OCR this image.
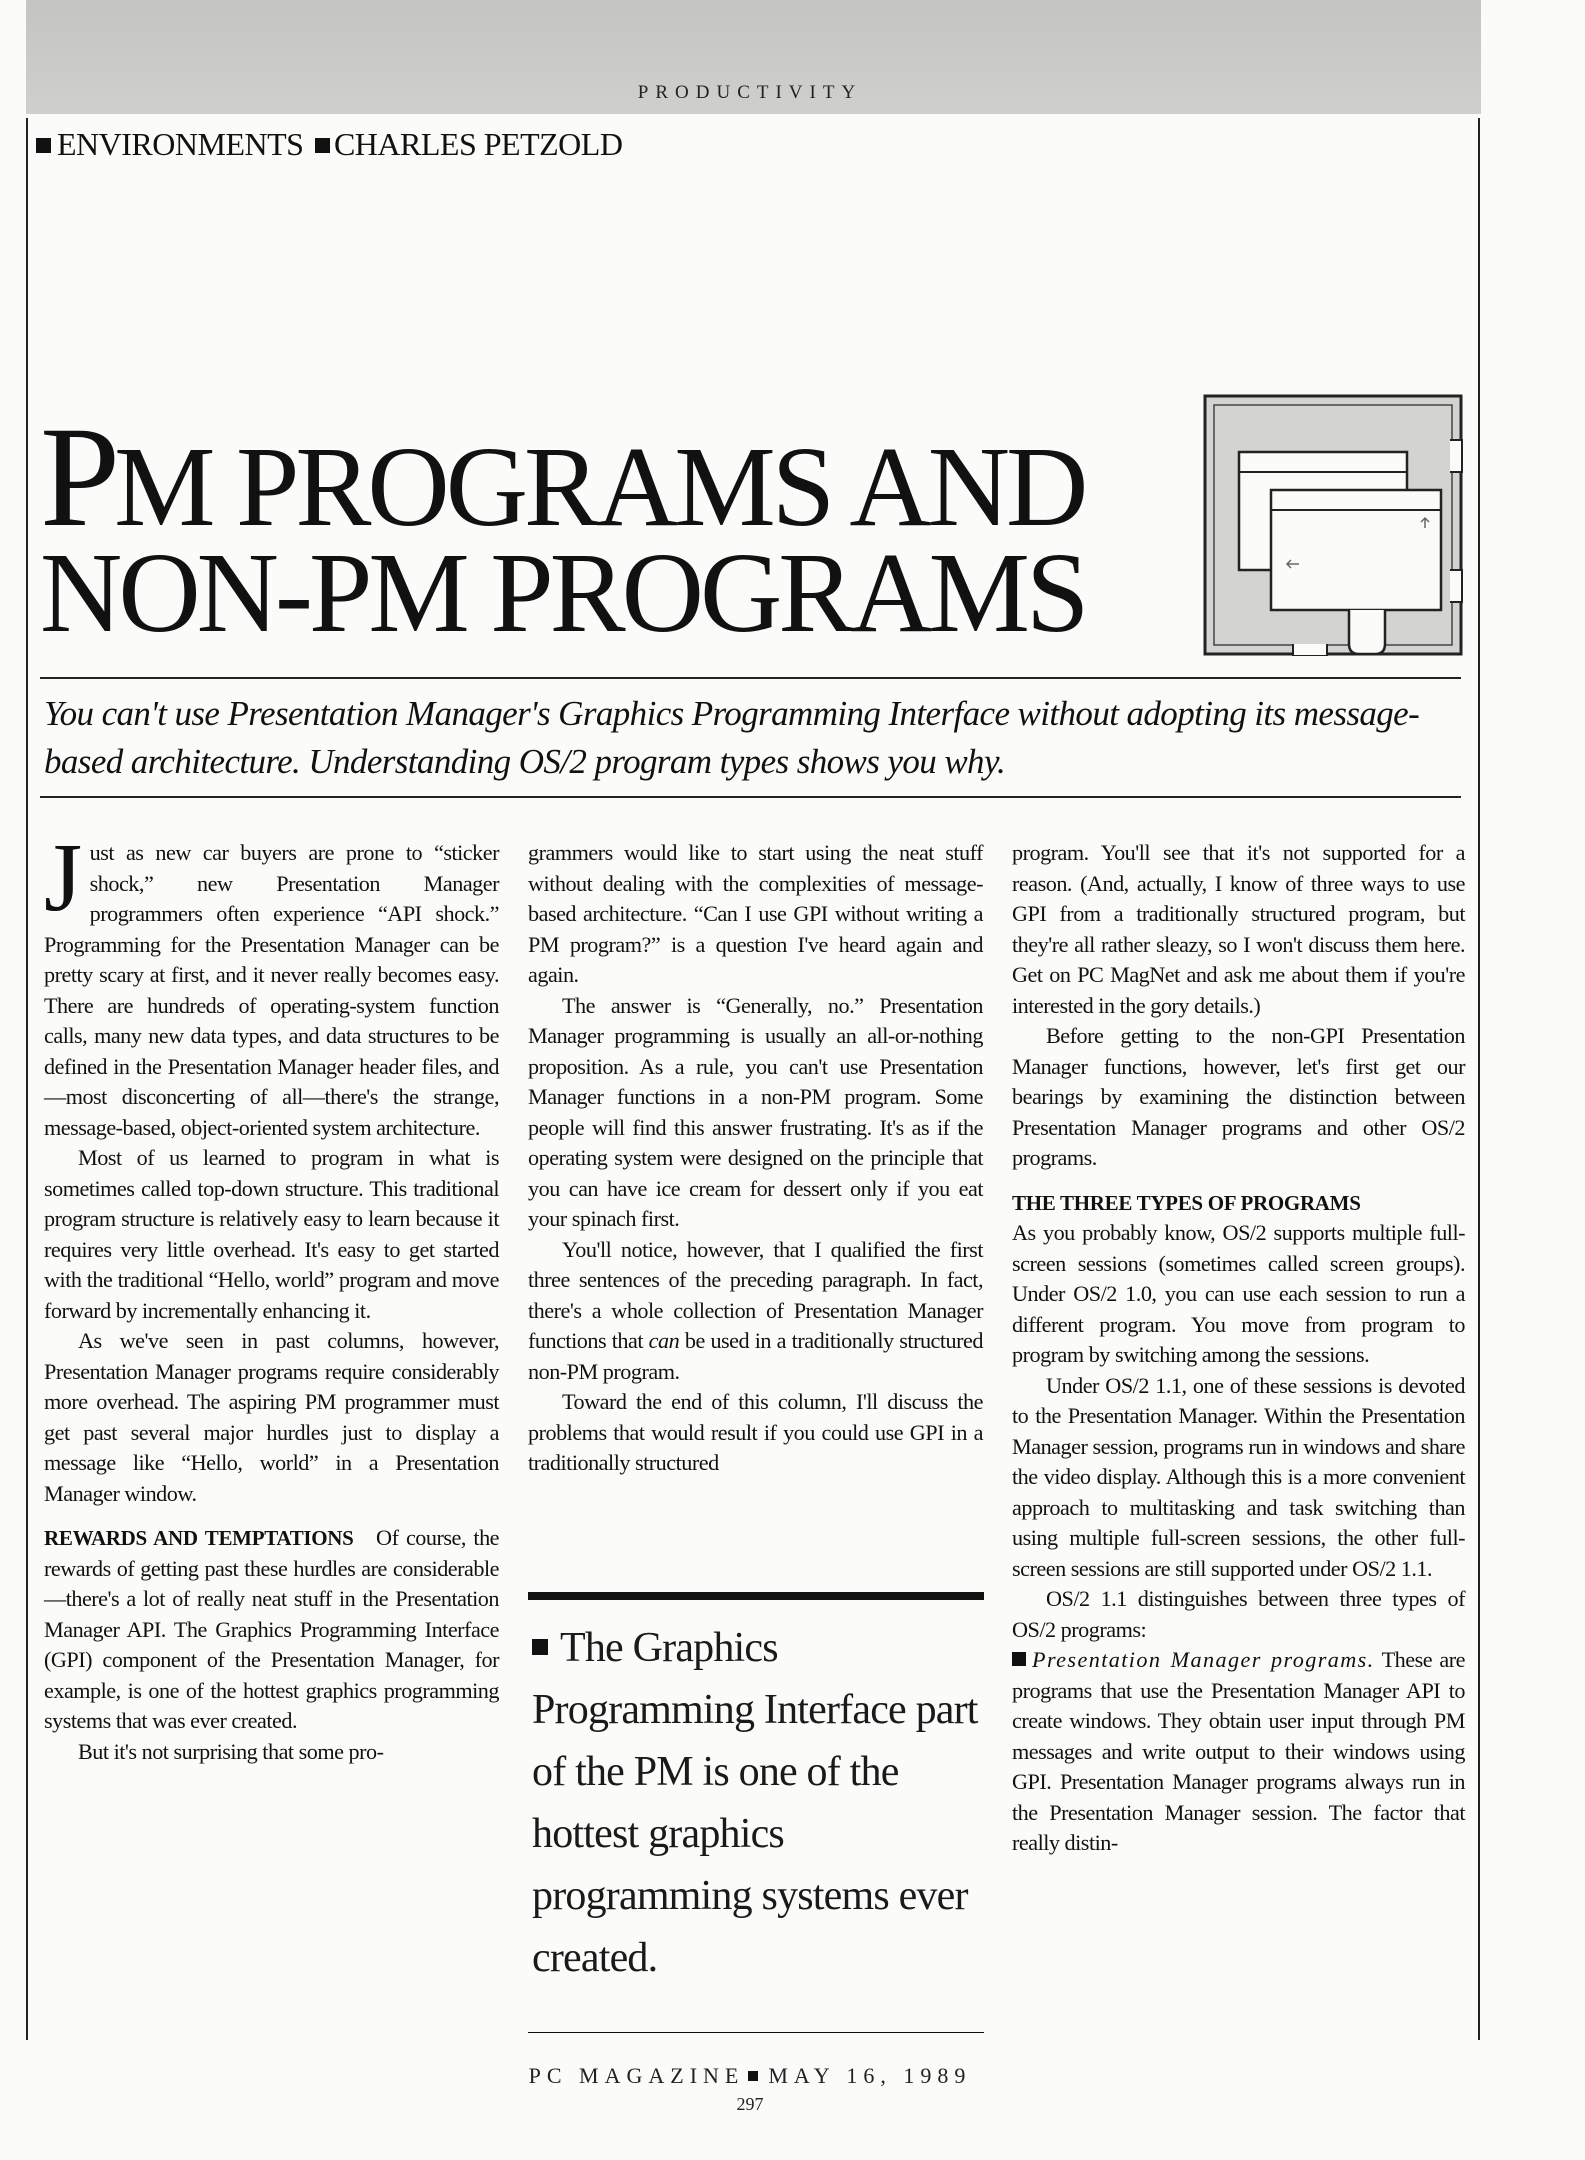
PRODUCTIVITY
ENVIRONMENTS CHARLES PETZOLD
PM PROGRAMS AND
NON-PM PROGRAMS

You can't use Presentation Manager's Graphics Programming Interface without adopting its message-based architecture. Understanding OS/2 program types shows you why.

Just as new car buyers are prone to “sticker shock,” new Presentation Manager programmers often experience “API shock.” Programming for the Presentation Manager can be pretty scary at first, and it never really becomes easy. There are hundreds of operating-system function calls, many new data types, and data structures to be defined in the Presentation Manager header files, and—most disconcerting of all—there's the strange, message-based, object-oriented system architecture.

Most of us learned to program in what is sometimes called top-down structure. This traditional program structure is relatively easy to learn because it requires very little overhead. It's easy to get started with the traditional “Hello, world” program and move forward by incrementally enhancing it.

As we've seen in past columns, however, Presentation Manager programs require considerably more overhead. The aspiring PM programmer must get past several major hurdles just to display a message like “Hello, world” in a Presentation Manager window.

REWARDS AND TEMPTATIONS Of course, the rewards of getting past these hurdles are considerable—there's a lot of really neat stuff in the Presentation Manager API. The Graphics Programming Interface (GPI) component of the Presentation Manager, for example, is one of the hottest graphics programming systems that was ever created.

But it's not surprising that some pro-

grammers would like to start using the neat stuff without dealing with the complexities of message-based architecture. “Can I use GPI without writing a PM program?” is a question I've heard again and again.

The answer is “Generally, no.” Presentation Manager programming is usually an all-or-nothing proposition. As a rule, you can't use Presentation Manager functions in a non-PM program. Some people will find this answer frustrating. It's as if the operating system were designed on the principle that you can have ice cream for dessert only if you eat your spinach first.

You'll notice, however, that I qualified the first three sentences of the preceding paragraph. In fact, there's a whole collection of Presentation Manager functions that can be used in a traditionally structured non-PM program.

Toward the end of this column, I'll discuss the problems that would result if you could use GPI in a traditionally structured

The Graphics Programming Interface part of the PM is one of the hottest graphics programming systems ever created.

program. You'll see that it's not supported for a reason. (And, actually, I know of three ways to use GPI from a traditionally structured program, but they're all rather sleazy, so I won't discuss them here. Get on PC MagNet and ask me about them if you're interested in the gory details.)

Before getting to the non-GPI Presentation Manager functions, however, let's first get our bearings by examining the distinction between Presentation Manager programs and other OS/2 programs.

THE THREE TYPES OF PROGRAMS

As you probably know, OS/2 supports multiple full-screen sessions (sometimes called screen groups). Under OS/2 1.0, you can use each session to run a different program. You move from program to program by switching among the sessions.

Under OS/2 1.1, one of these sessions is devoted to the Presentation Manager. Within the Presentation Manager session, programs run in windows and share the video display. Although this is a more convenient approach to multitasking and task switching than using multiple full-screen sessions, the other full-screen sessions are still supported under OS/2 1.1.

OS/2 1.1 distinguishes between three types of OS/2 programs:

Presentation Manager programs. These are programs that use the Presentation Manager API to create windows. They obtain user input through PM messages and write output to their windows using GPI. Presentation Manager programs always run in the Presentation Manager session. The factor that really distin-

PC MAGAZINE MAY 16, 1989
297
